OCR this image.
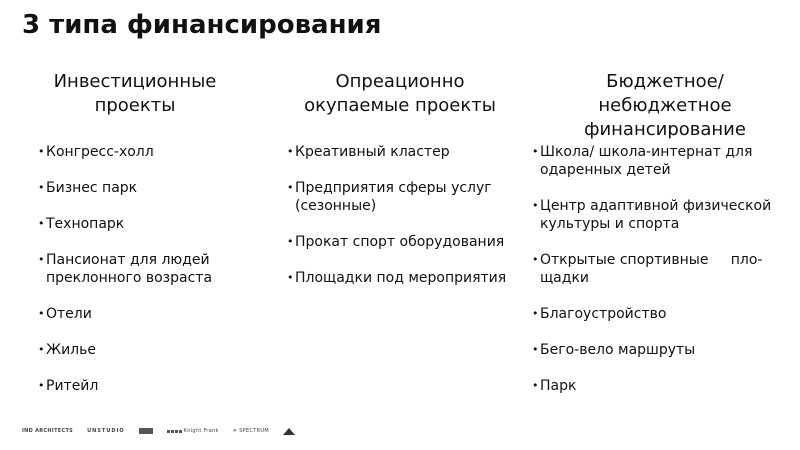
3 типа финансирования
Инвестиционные
проекты
• Конгресс-холл
• Бизнес парк
• Технопарк
• Пансионат для людей
преклонного возраста
• Отели
• Жилье
• Ритейл
Опреационно
окупаемые проекты
• Креативный кластер
• Предприятия сферы услуг
(сезонные)
• Прокат спорт оборудования
• Площадки под мероприятия
Бюджетное/
небюджетное
финансирование
• Школа/ школа-интернат для
одаренных детей
• Центр адаптивной физической
культуры и спорта
• Открытые спортивные     пло-
щадки
• Благоустройство
• Бего-вело маршруты
• Парк
IND ARCHITECTS	UNSTUDIO	Knight Frank	✳ SPECTRUM
